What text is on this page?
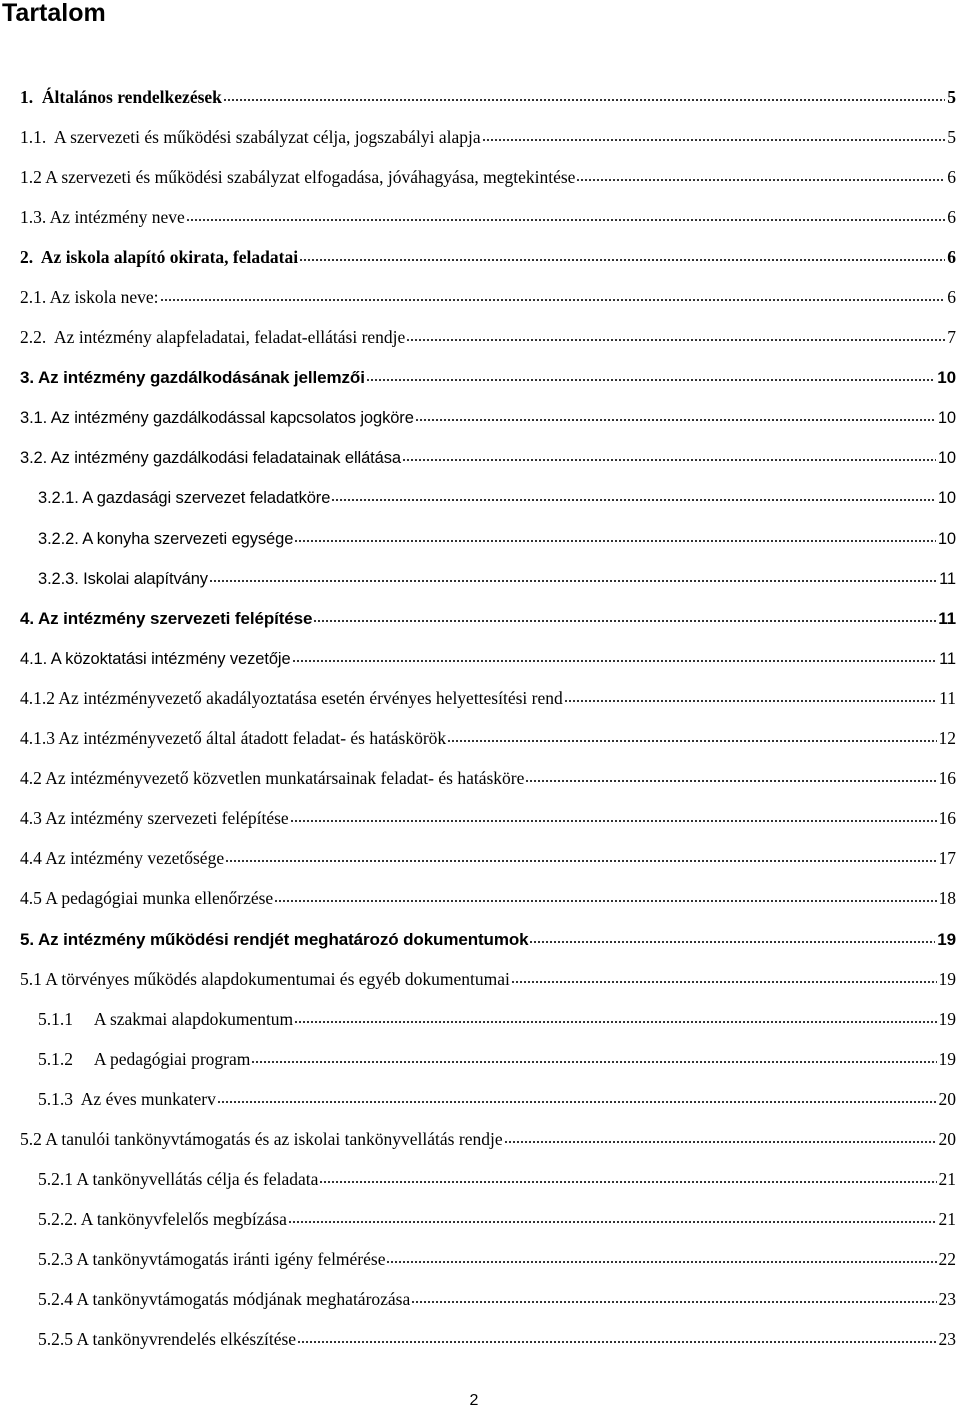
Tartalom
1.  Általános rendelkezések	5
1.1.  A szervezeti és működési szabályzat célja, jogszabályi alapja	5
1.2 A szervezeti és működési szabályzat elfogadása, jóváhagyása, megtekintése	6
1.3. Az intézmény neve	6
2.  Az iskola alapító okirata, feladatai	6
2.1. Az iskola neve:	6
2.2.  Az intézmény alapfeladatai, feladat-ellátási rendje	7
3. Az intézmény gazdálkodásának jellemzői	10
3.1. Az intézmény gazdálkodással kapcsolatos jogköre	10
3.2. Az intézmény gazdálkodási feladatainak ellátása	10
3.2.1. A gazdasági szervezet feladatköre	10
3.2.2. A konyha szervezeti egysége	10
3.2.3. Iskolai alapítvány	11
4. Az intézmény szervezeti felépítése	11
4.1. A közoktatási intézmény vezetője	11
4.1.2 Az intézményvezető akadályoztatása esetén érvényes helyettesítési rend	11
4.1.3 Az intézményvezető által átadott feladat- és hatáskörök	12
4.2 Az intézményvezető közvetlen munkatársainak feladat- és hatásköre	16
4.3 Az intézmény szervezeti felépítése	16
4.4 Az intézmény vezetősége	17
4.5 A pedagógiai munka ellenőrzése	18
5. Az intézmény működési rendjét meghatározó dokumentumok	19
5.1 A törvényes működés alapdokumentumai és egyéb dokumentumai	19
5.1.1     A szakmai alapdokumentum	19
5.1.2     A pedagógiai program	19
5.1.3  Az éves munkaterv	20
5.2 A tanulói tankönyvtámogatás és az iskolai tankönyvellátás rendje	20
5.2.1 A tankönyvellátás célja és feladata	21
5.2.2. A tankönyvfelelős megbízása	21
5.2.3 A tankönyvtámogatás iránti igény felmérése	22
5.2.4 A tankönyvtámogatás módjának meghatározása	23
5.2.5 A tankönyvrendelés elkészítése	23
2
